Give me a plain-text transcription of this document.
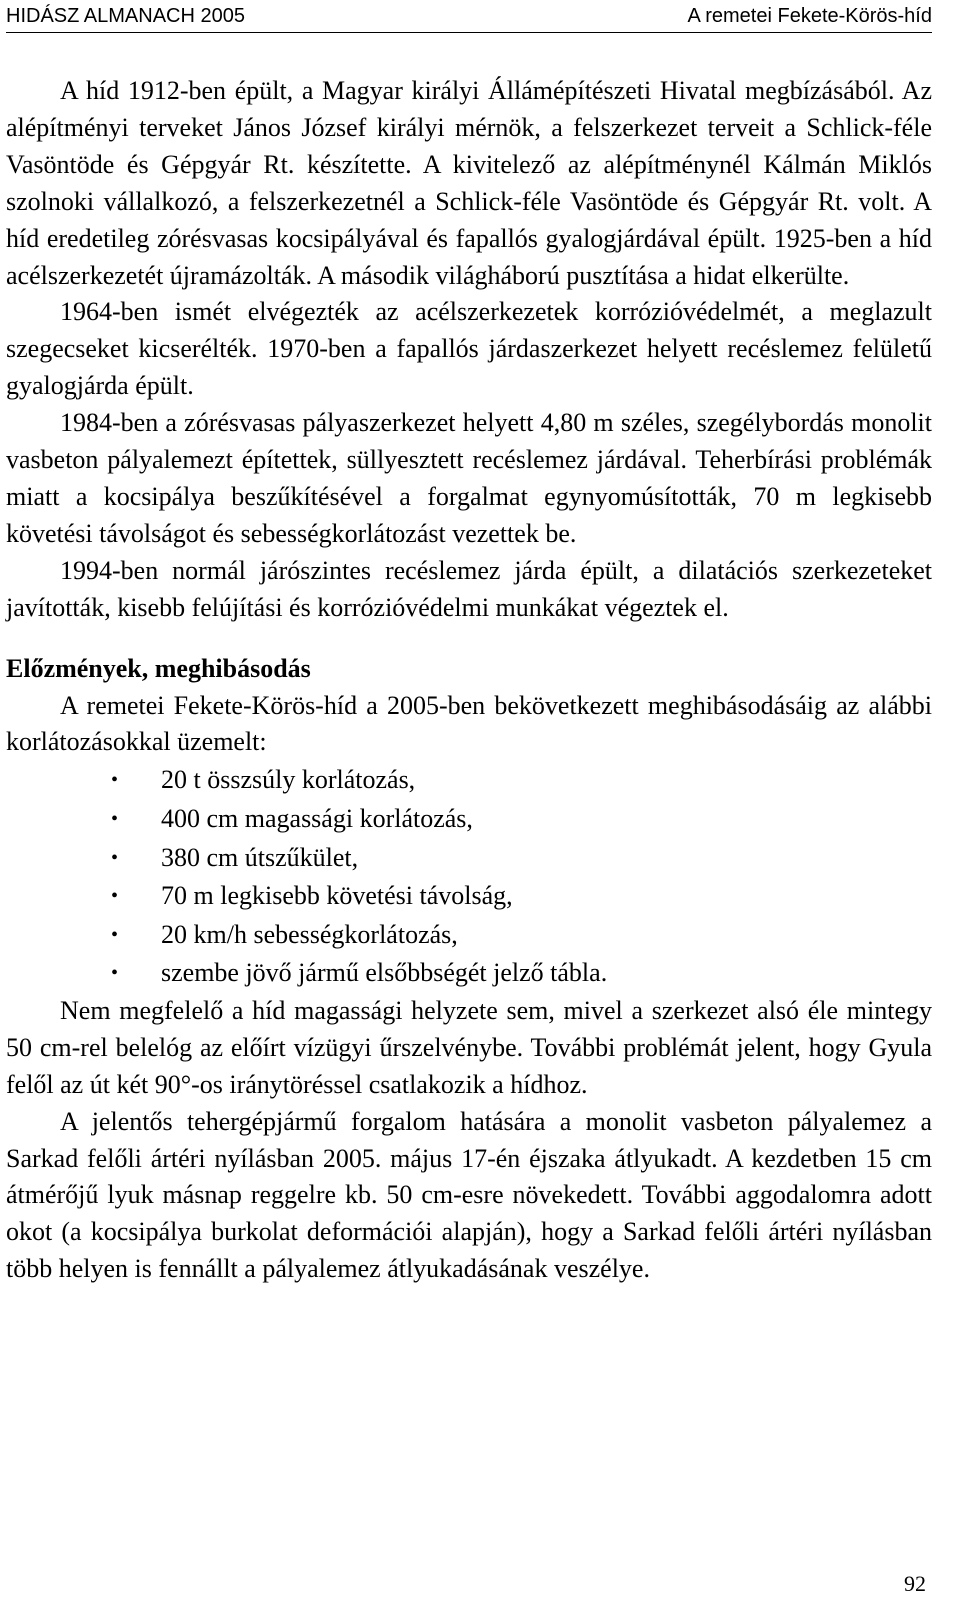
HIDÁSZ ALMANACH 2005	A remetei Fekete-Körös-híd

A híd 1912-ben épült, a Magyar királyi Állámépítészeti Hivatal megbízásából. Az alépítményi terveket János József királyi mérnök, a felszerkezet terveit a Schlick-féle Vasöntöde és Gépgyár Rt. készítette. A kivitelező az alépítménynél Kálmán Miklós szolnoki vállalkozó, a felszerkezetnél a Schlick-féle Vasöntöde és Gépgyár Rt. volt. A híd eredetileg zórésvasas kocsipályával és fapallós gyalogjárdával épült. 1925-ben a híd acélszerkezetét újramázolták. A második világháború pusztítása a hidat elkerülte.

1964-ben ismét elvégezték az acélszerkezetek korrózióvédelmét, a meglazult szegecseket kicserélték. 1970-ben a fapallós járdaszerkezet helyett recéslemez felületű gyalogjárda épült.

1984-ben a zórésvasas pályaszerkezet helyett 4,80 m széles, szegélybordás monolit vasbeton pályalemezt építettek, süllyesztett recéslemez járdával. Teherbírási problémák miatt a kocsipálya beszűkítésével a forgalmat egynyomúsították, 70 m legkisebb követési távolságot és sebességkorlátozást vezettek be.

1994-ben normál járószintes recéslemez járda épült, a dilatációs szerkezeteket javították, kisebb felújítási és korrózióvédelmi munkákat végeztek el.

Előzmények, meghibásodás

A remetei Fekete-Körös-híd a 2005-ben bekövetkezett meghibásodásáig az alábbi korlátozásokkal üzemelt:

• 20 t összsúly korlátozás,
• 400 cm magassági korlátozás,
• 380 cm útszűkület,
• 70 m legkisebb követési távolság,
• 20 km/h sebességkorlátozás,
• szembe jövő jármű elsőbbségét jelző tábla.

Nem megfelelő a híd magassági helyzete sem, mivel a szerkezet alsó éle mintegy 50 cm-rel belelóg az előírt vízügyi űrszelvénybe. További problémát jelent, hogy Gyula felől az út két 90°-os iránytöréssel csatlakozik a hídhoz.

A jelentős tehergépjármű forgalom hatására a monolit vasbeton pályalemez a Sarkad felőli ártéri nyílásban 2005. május 17-én éjszaka átlyukadt. A kezdetben 15 cm átmérőjű lyuk másnap reggelre kb. 50 cm-esre növekedett. További aggodalomra adott okot (a kocsipálya burkolat deformációi alapján), hogy a Sarkad felőli ártéri nyílásban több helyen is fennállt a pályalemez átlyukadásának veszélye.

92
